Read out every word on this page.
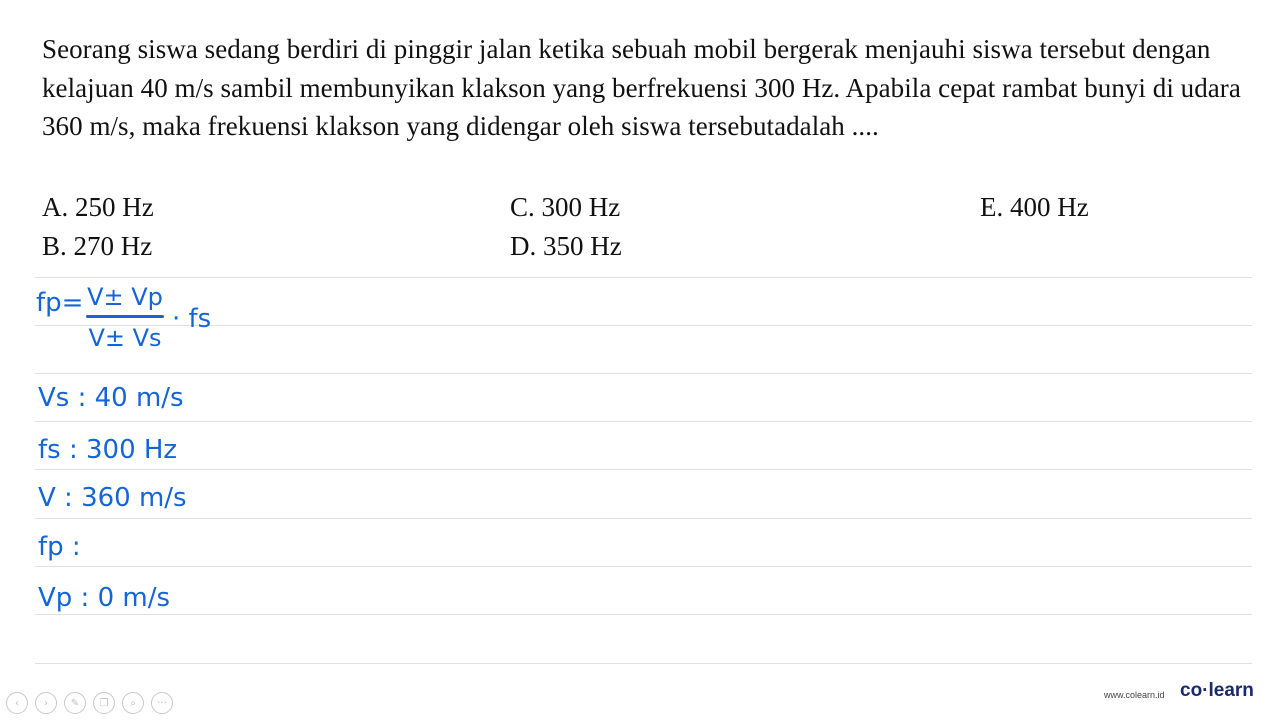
Seorang siswa sedang berdiri di pinggir jalan ketika sebuah mobil bergerak menjauhi siswa tersebut dengan kelajuan 40 m/s sambil membunyikan klakson yang berfrekuensi 300 Hz. Apabila cepat rambat bunyi di udara 360 m/s, maka frekuensi klakson yang didengar oleh siswa tersebutadalah ....
A. 250 Hz
B. 270 Hz
C. 300 Hz
D. 350 Hz
E. 400 Hz
fp= V± Vp
V± Vs
· fs
Vs : 40 m/s
fs : 300 Hz
V : 360 m/s
fp :
Vp : 0 m/s
‹	›	✎	❐	⌕	···
www.colearn.id co·learn
